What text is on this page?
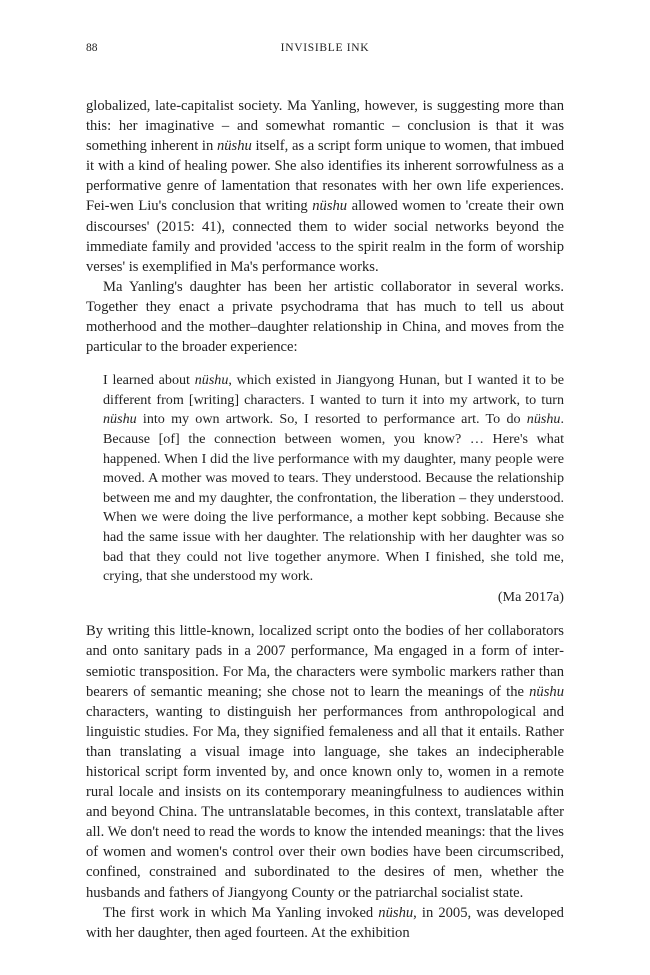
88	INVISIBLE INK

globalized, late-capitalist society. Ma Yanling, however, is suggesting more than this: her imaginative – and somewhat romantic – conclusion is that it was something inherent in nüshu itself, as a script form unique to women, that imbued it with a kind of healing power. She also identifies its inherent sorrowfulness as a performative genre of lamentation that resonates with her own life experiences. Fei-wen Liu's conclusion that writing nüshu allowed women to 'create their own discourses' (2015: 41), connected them to wider social networks beyond the immediate family and provided 'access to the spirit realm in the form of worship verses' is exemplified in Ma's performance works.

Ma Yanling's daughter has been her artistic collaborator in several works. Together they enact a private psychodrama that has much to tell us about motherhood and the mother–daughter relationship in China, and moves from the particular to the broader experience:

I learned about nüshu, which existed in Jiangyong Hunan, but I wanted it to be different from [writing] characters. I wanted to turn it into my artwork, to turn nüshu into my own artwork. So, I resorted to performance art. To do nüshu. Because [of] the connection between women, you know? … Here's what happened. When I did the live performance with my daughter, many people were moved. A mother was moved to tears. They understood. Because the relationship between me and my daughter, the confrontation, the liberation – they understood. When we were doing the live performance, a mother kept sobbing. Because she had the same issue with her daughter. The relationship with her daughter was so bad that they could not live together anymore. When I finished, she told me, crying, that she understood my work.

(Ma 2017a)

By writing this little-known, localized script onto the bodies of her collaborators and onto sanitary pads in a 2007 performance, Ma engaged in a form of inter-semiotic transposition. For Ma, the characters were symbolic markers rather than bearers of semantic meaning; she chose not to learn the meanings of the nüshu characters, wanting to distinguish her performances from anthropological and linguistic studies. For Ma, they signified femaleness and all that it entails. Rather than translating a visual image into language, she takes an indecipherable historical script form invented by, and once known only to, women in a remote rural locale and insists on its contemporary meaningfulness to audiences within and beyond China. The untranslatable becomes, in this context, translatable after all. We don't need to read the words to know the intended meanings: that the lives of women and women's control over their own bodies have been circumscribed, confined, constrained and subordinated to the desires of men, whether the husbands and fathers of Jiangyong County or the patriarchal socialist state.

The first work in which Ma Yanling invoked nüshu, in 2005, was developed with her daughter, then aged fourteen. At the exhibition
